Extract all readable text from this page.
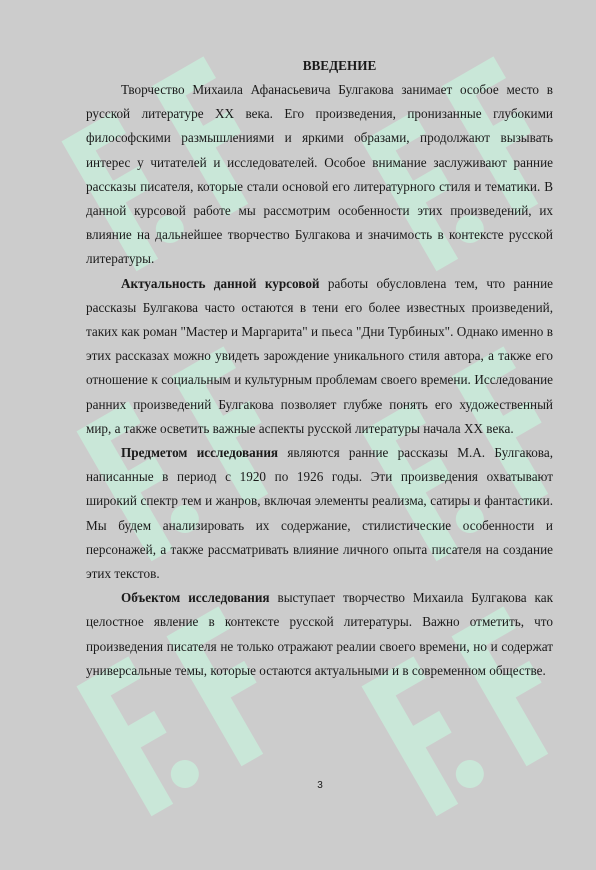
ВВЕДЕНИЕ

Творчество Михаила Афанасьевича Булгакова занимает особое место в русской литературе XX века. Его произведения, пронизанные глубокими философскими размышлениями и яркими образами, продолжают вызывать интерес у читателей и исследователей. Особое внимание заслуживают ранние рассказы писателя, которые стали основой его литературного стиля и тематики. В данной курсовой работе мы рассмотрим особенности этих произведений, их влияние на дальнейшее творчество Булгакова и значимость в контексте русской литературы.

Актуальность данной курсовой работы обусловлена тем, что ранние рассказы Булгакова часто остаются в тени его более известных произведений, таких как роман "Мастер и Маргарита" и пьеса "Дни Турбиных". Однако именно в этих рассказах можно увидеть зарождение уникального стиля автора, а также его отношение к социальным и культурным проблемам своего времени. Исследование ранних произведений Булгакова позволяет глубже понять его художественный мир, а также осветить важные аспекты русской литературы начала XX века.

Предметом исследования являются ранние рассказы М.А. Булгакова, написанные в период с 1920 по 1926 годы. Эти произведения охватывают широкий спектр тем и жанров, включая элементы реализма, сатиры и фантастики. Мы будем анализировать их содержание, стилистические особенности и персонажей, а также рассматривать влияние личного опыта писателя на создание этих текстов.

Объектом исследования выступает творчество Михаила Булгакова как целостное явление в контексте русской литературы. Важно отметить, что произведения писателя не только отражают реалии своего времени, но и содержат универсальные темы, которые остаются актуальными и в современном обществе.

3
